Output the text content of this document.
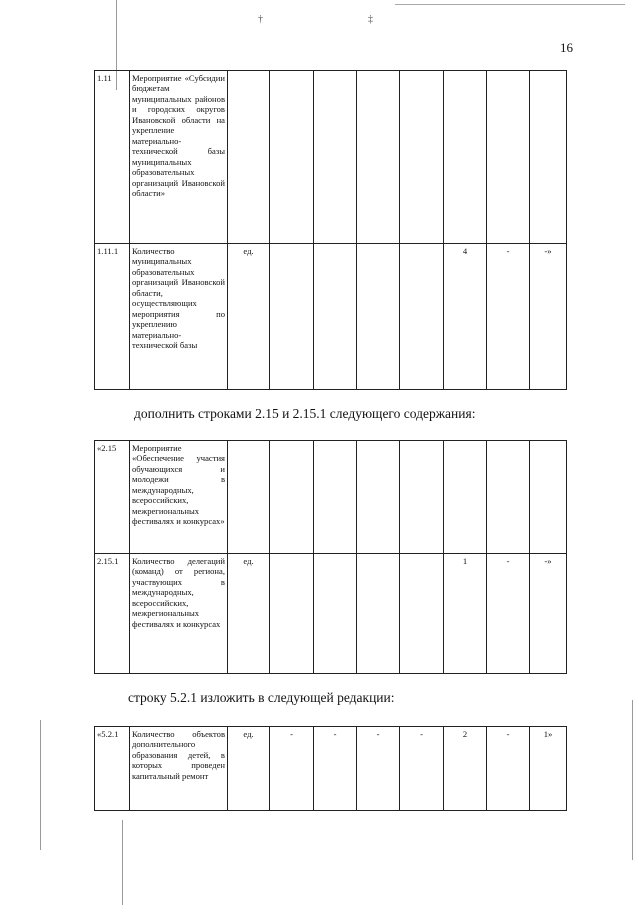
†	‡
16
1.11	Мероприятие «Субсидии бюджетам муниципальных районов и городских округов Ивановской области на укрепление материально-технической базы муниципальных образовательных организаций Ивановской области»								
1.11.1	Количество муниципальных образовательных организаций Ивановской области, осуществляющих мероприятия по укреплению материально-технической базы	ед.					4	-	-»
дополнить строками 2.15 и 2.15.1 следующего содержания:
«2.15	Мероприятие «Обеспечение участия обучающихся и молодежи в международных, всероссийских, межрегиональных фестивалях и конкурсах»								
2.15.1	Количество делегаций (команд) от региона, участвующих в международных, всероссийских, межрегиональных фестивалях и конкурсах	ед.					1	-	-»
строку 5.2.1 изложить в следующей редакции:
«5.2.1	Количество объектов дополнительного образования детей, в которых проведен капитальный ремонт	ед.	-	-	-	-	2	-	1»
